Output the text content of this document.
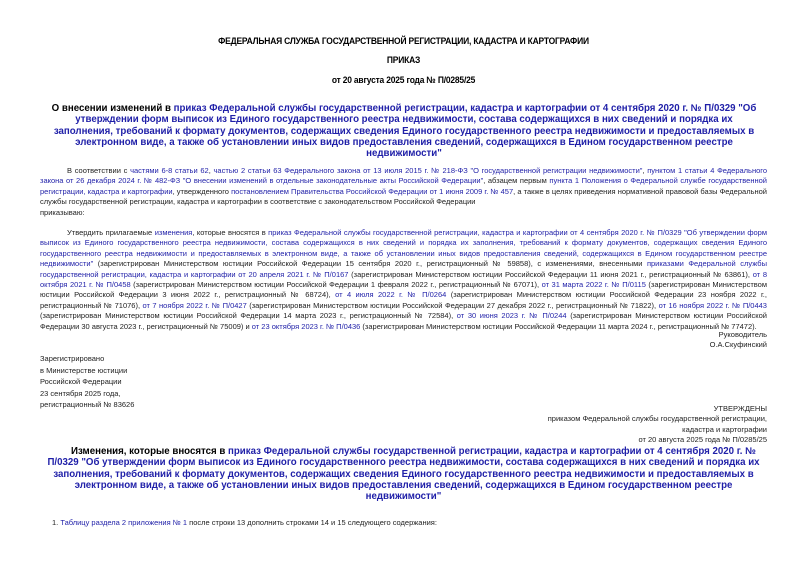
ФЕДЕРАЛЬНАЯ СЛУЖБА ГОСУДАРСТВЕННОЙ РЕГИСТРАЦИИ, КАДАСТРА И КАРТОГРАФИИ
ПРИКАЗ
от 20 августа 2025 года № П/0285/25
О внесении изменений в приказ Федеральной службы государственной регистрации, кадастра и картографии от 4 сентября 2020 г. № П/0329 "Об утверждении форм выписок из Единого государственного реестра недвижимости, состава содержащихся в них сведений и порядка их заполнения, требований к формату документов, содержащих сведения Единого государственного реестра недвижимости и предоставляемых в электронном виде, а также об установлении иных видов предоставления сведений, содержащихся в Едином государственном реестре недвижимости"
В соответствии с частями 6-8 статьи 62, частью 2 статьи 63 Федерального закона от 13 июля 2015 г. № 218-ФЗ "О государственной регистрации недвижимости", пунктом 1 статьи 4 Федерального закона от 26 декабря 2024 г. № 482-ФЗ "О внесении изменений в отдельные законодательные акты Российской Федерации", абзацем первым пункта 1 Положения о Федеральной службе государственной регистрации, кадастра и картографии, утвержденного постановлением Правительства Российской Федерации от 1 июня 2009 г. № 457, а также в целях приведения нормативной правовой базы Федеральной службы государственной регистрации, кадастра и картографии в соответствие с законодательством Российской Федерации
приказываю:
Утвердить прилагаемые изменения, которые вносятся в приказ Федеральной службы государственной регистрации, кадастра и картографии от 4 сентября 2020 г. № П/0329 "Об утверждении форм выписок из Единого государственного реестра недвижимости, состава содержащихся в них сведений и порядка их заполнения, требований к формату документов, содержащих сведения Единого государственного реестра недвижимости и предоставляемых в электронном виде, а также об установлении иных видов предоставления сведений, содержащихся в Едином государственном реестре недвижимости" (зарегистрирован Министерством юстиции Российской Федерации 15 сентября 2020 г., регистрационный № 59858), с изменениями, внесенными приказами Федеральной службы государственной регистрации, кадастра и картографии от 20 апреля 2021 г. № П/0167 (зарегистрирован Министерством юстиции Российской Федерации 11 июня 2021 г., регистрационный № 63861), от 8 октября 2021 г. № П/0458 (зарегистрирован Министерством юстиции Российской Федерации 1 февраля 2022 г., регистрационный № 67071), от 31 марта 2022 г. № П/0115 (зарегистрирован Министерством юстиции Российской Федерации 3 июня 2022 г., регистрационный № 68724), от 4 июля 2022 г. № П/0264 (зарегистрирован Министерством юстиции Российской Федерации 23 ноября 2022 г., регистрационный № 71076), от 7 ноября 2022 г. № П/0427 (зарегистрирован Министерством юстиции Российской Федерации 27 декабря 2022 г., регистрационный № 71822), от 16 ноября 2022 г. № П/0443 (зарегистрирован Министерством юстиции Российской Федерации 14 марта 2023 г., регистрационный № 72584), от 30 июня 2023 г. № П/0244 (зарегистрирован Министерством юстиции Российской Федерации 30 августа 2023 г., регистрационный № 75009) и от 23 октября 2023 г. № П/0436 (зарегистрирован Министерством юстиции Российской Федерации 11 марта 2024 г., регистрационный № 77472).
Руководитель
О.А.Скуфинский
Зарегистрировано
в Министерстве юстиции
Российской Федерации
23 сентября 2025 года,
регистрационный № 83626	УТВЕРЖДЕНЫ
приказом Федеральной службы государственной регистрации,
кадастра и картографии
от 20 августа 2025 года № П/0285/25
Изменения, которые вносятся в приказ Федеральной службы государственной регистрации, кадастра и картографии от 4 сентября 2020 г. № П/0329 "Об утверждении форм выписок из Единого государственного реестра недвижимости, состава содержащихся в них сведений и порядка их заполнения, требований к формату документов, содержащих сведения Единого государственного реестра недвижимости и предоставляемых в электронном виде, а также об установлении иных видов предоставления сведений, содержащихся в Едином государственном реестре недвижимости"
1. Таблицу раздела 2 приложения № 1 после строки 13 дополнить строками 14 и 15 следующего содержания:
